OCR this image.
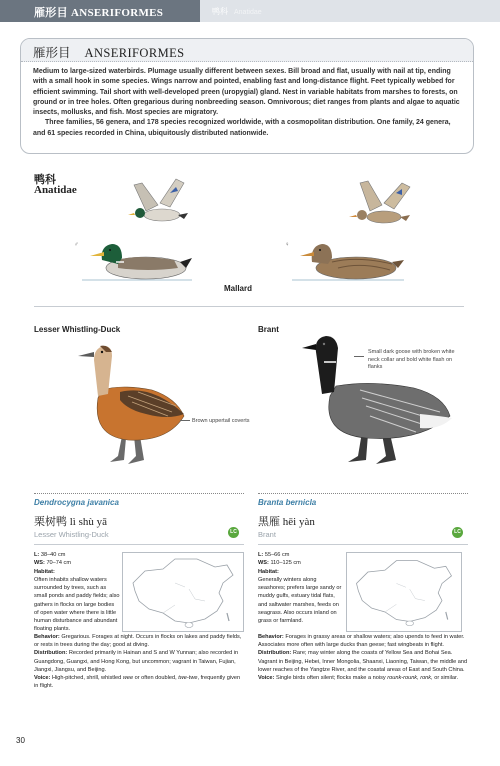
雁形目 ANSERIFORMES	鸭科 Anatidae
雁形目 ANSERIFORMES

Medium to large-sized waterbirds. Plumage usually different between sexes. Bill broad and flat, usually with nail at tip, ending with a small hook in some species. Wings narrow and pointed, enabling fast and long-distance flight. Feet typically webbed for efficient swimming. Tail short with well-developed preen (uropygial) gland. Nest in variable habitats from marshes to forests, on ground or in tree holes. Often gregarious during nonbreeding season. Omnivorous; diet ranges from plants and algae to aquatic insects, mollusks, and fish. Most species are migratory.

Three families, 56 genera, and 178 species recognized worldwide, with a cosmopolitan distribution. One family, 24 genera, and 61 species recorded in China, ubiquitously distributed nationwide.

鸭科
Anatidae
♂	♀
Mallard
Lesser Whistling-Duck	Brant
Brown uppertail coverts
Small dark goose with broken white neck collar and bold white flash on flanks
Dendrocygna javanica
栗树鸭 lì shù yā
Lesser Whistling-Duck	LC

L: 38–40 cm

WS: 70–74 cm

Habitat:
Often inhabits shallow waters surrounded by trees, such as small ponds and paddy fields; also gathers in flocks on large bodies of open water where there is little human disturbance and abundant floating plants.

Behavior: Gregarious. Forages at night. Occurs in flocks on lakes and paddy fields, or rests in trees during the day; good at diving.

Distribution: Recorded primarily in Hainan and S and W Yunnan; also recorded in Guangdong, Guangxi, and Hong Kong, but uncommon; vagrant in Taiwan, Fujian, Jiangxi, Jiangsu, and Beijing.

Voice: High-pitched, shrill, whistled wee or often doubled, twe-twe, frequently given in flight.

Branta bernicla
黑雁 hēi yàn
Brant	LC

L: 55–66 cm

WS: 110–125 cm

Habitat:
Generally winters along seashores; prefers large sandy or muddy gulfs, estuary tidal flats, and saltwater marshes, feeds on seagrass. Also occurs inland on grass or farmland.

Behavior: Forages in grassy areas or shallow waters; also upends to feed in water. Associates more often with large ducks than geese; fast wingbeats in flight.

Distribution: Rare; may winter along the coasts of Yellow Sea and Bohai Sea. Vagrant in Beijing, Hebei, Inner Mongolia, Shaanxi, Liaoning, Taiwan, the middle and lower reaches of the Yangtze River, and the coastal areas of East and South China.

Voice: Single birds often silent; flocks make a noisy rounk-rounk, ronk, or similar.

30
